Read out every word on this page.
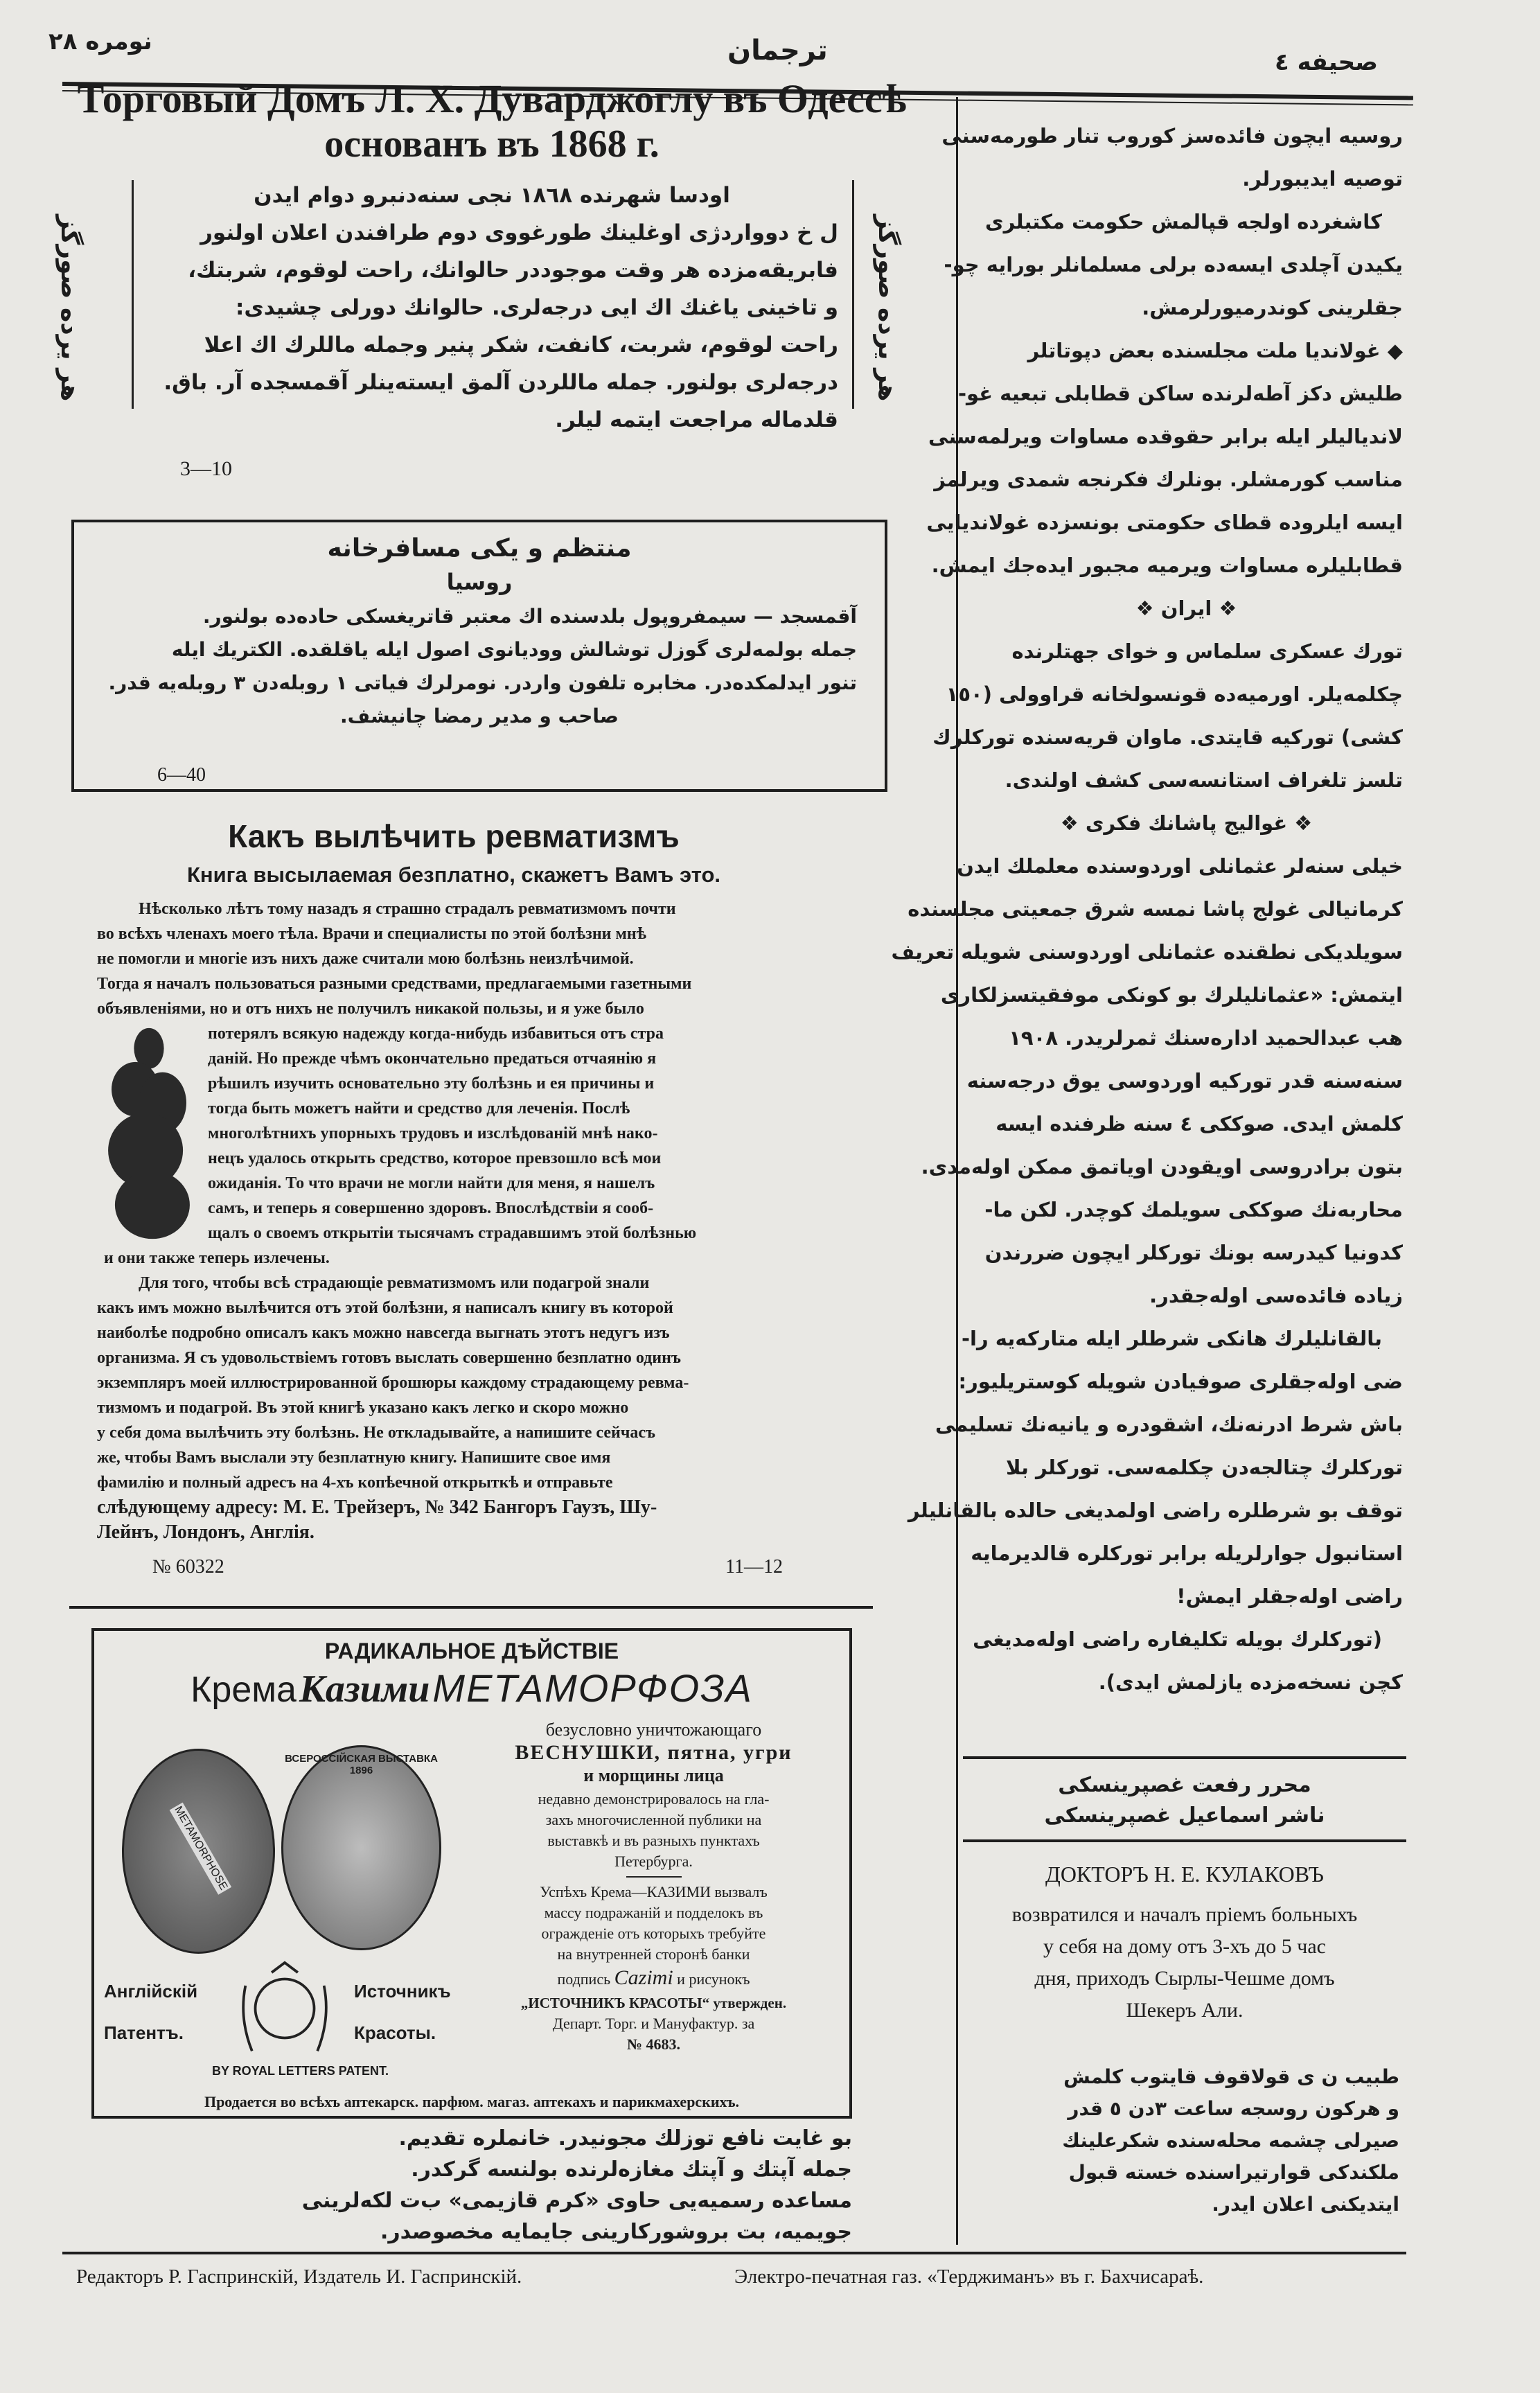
نومره ٢٨	ترجمان	صحيفه ٤
Торговый Домъ Л. Х. Дуварджоглу въ Одессѣ
основанъ въ 1868 г.
هر یرده صورگز
اودسا شهرنده ١٨٦٨ نجی سنه‌دنبرو دوام ایدن
ل خ دوواردژی اوغلینك طورغووی دوم طرافندن اعلان اولنور
فابریقه‌مزده هر وقت موجوددر حالوانك، راحت لوقوم، شربتك،
و تاخینی یاغنك اك ایی درجه‌لری. حالوانك دورلی چشیدی:
راحت لوقوم، شربت، کانفت، شکر پنیر وجمله ماللرك اك اعلا
درجه‌لری بولنور. جمله ماللردن آلمق ایسته‌ینلر آقمسجده آر. باق.
قلدماله مراجعت ایتمه لیلر.
هر یرده صورگز
3—10
منتظم و یکی مسافرخانه
روسیا
آقمسجد — سیمفروپول بلدسنده اك معتبر قاتریغسکی حاده‌ده بولنور.
جمله بولمه‌لری گوزل توشالش وودیانوی اصول ایله یاقلقده. الکتریك ایله
تنور ایدلمکده‌در. مخابره تلفون واردر. نومرلرك فیاتی ١ روبله‌دن ٣ روبله‌یه قدر.
صاحب و مدیر رمضا چانیشف.
6—40
Какъ вылѣчить ревматизмъ
Книга высылаемая безплатно, скажетъ Вамъ это.
Нѣсколько лѣтъ тому назадъ я страшно страдалъ ревматизмомъ почти
во всѣхъ членахъ моего тѣла. Врачи и специалисты по этой болѣзни мнѣ
не помогли и многіе изъ нихъ даже считали мою болѣзнь неизлѣчимой.
Тогда я началъ пользоваться разными средствами, предлагаемыми газетными
объявленіями, но и отъ нихъ не получилъ никакой пользы, и я уже было
потерялъ всякую надежду когда-нибудь избавиться отъ стра
даній. Но прежде чѣмъ окончательно предаться отчаянію я
рѣшилъ изучить основательно эту болѣзнь и ея причины и
тогда быть можетъ найти и средство для леченія. Послѣ
многолѣтнихъ упорныхъ трудовъ и изслѣдованій мнѣ нако-
нецъ удалось открыть средство, которое превзошло всѣ мои
ожиданія. То что врачи не могли найти для меня, я нашелъ
самъ, и теперь я совершенно здоровъ. Впослѣдствіи я сооб-
щалъ о своемъ открытіи тысячамъ страдавшимъ этой болѣзнью
и они также теперь излечены.
Для того, чтобы всѣ страдающіе ревматизмомъ или подагрой знали
какъ имъ можно вылѣчится отъ этой болѣзни, я написалъ книгу въ которой
наиболѣе подробно описалъ какъ можно навсегда выгнать этотъ недугъ изъ
организма. Я съ удовольствіемъ готовъ выслать совершенно безплатно одинъ
экземпляръ моей иллюстрированной брошюры каждому страдающему ревма-
тизмомъ и подагрой. Въ этой книгѣ указано какъ легко и скоро можно
у себя дома вылѣчить эту болѣзнь. Не откладывайте, а напишите сейчасъ
же, чтобы Вамъ выслали эту безплатную книгу. Напишите свое имя
фамилію и полный адресъ на 4-хъ копѣечной открыткѣ и отправьте
слѣдующему адресу: М. Е. Трейзеръ, № 342 Бангоръ Гаузъ, Шу-
Лейнъ, Лондонъ, Англія.
№ 60322	11—12
РАДИКАЛЬНОЕ ДѢЙСТВІЕ
Крема Казими МЕТАМОРФОЗА
METAMORPHOSE
ВСЕРОССІЙСКАЯ ВЫСТАВКА 1896
Англійскій
Патентъ.
Источникъ
Красоты.
BY ROYAL LETTERS PATENT.
безусловно уничтожающаго
ВЕСНУШКИ, пятна, угри
и морщины лица
недавно демонстрировалось на гла-
захъ многочисленной публики на
выставкѣ и въ разныхъ пунктахъ
Петербурга.
Успѣхъ Крема—КАЗИМИ вызвалъ
массу подражаній и подделокъ въ
огражденіе отъ которыхъ требуйте
на внутренней сторонѣ банки
подпись Cazimi и рисунокъ
„ИСТОЧНИКЪ КРАСОТЫ“ утвержден.
Департ. Торг. и Мануфактур. за
№ 4683.
Продается во всѣхъ аптекарск. парфюм. магаз. аптекахъ и парикмахерскихъ.
بو غایت نافع توزلك مجونیدر. خانملره تقدیم.
جمله آپتك و آپتك مغازه‌لرنده بولنسه گرکدر.
مساعده رسمیه‌یی حاوی «کرم قازیمی» ب‌ت‌ لکه‌لرینی
جویمیه، بت بروشورکارینی جایمایه مخصوصدر.
روسیه ایچون فائده‌سز کوروب تنار طورمه‌سنی
توصیه ایدیبورلر.
کاشغرده اولجه قپالمش حکومت مکتبلری
یکیدن آچلدی ایسه‌ده برلی مسلمانلر بورایه چو-
جقلرینی کوندرمیورلرمش.
◆ غولاندیا ملت مجلسنده بعض دپوتاتلر
طلیش دکز آطه‌لرنده ساکن قطابلی تبعیه غو-
لاندیالیلر ایله برابر حقوقده مساوات ویرلمه‌سنی
مناسب کورمشلر. بونلرك فکرنجه شمدی ویرلمز
ایسه ایلروده قطای حکومتی بونسزده غولاندیایی
قطابلیلره مساوات ویرمیه مجبور ایده‌جك ایمش.
❖ ایران ❖
تورك عسکری سلماس و خوای جهتلرنده
چکلمه‌یلر. اورمیه‌ده قونسولخانه قراوولی (١٥٠
کشی) تورکیه قایتدی. ماوان قریه‌سنده تورکلرك
تلسز تلغراف استانسه‌سی کشف اولندی.
❖ غوالیج پاشانك فکری ❖
خیلی سنه‌لر عثمانلی اوردوسنده معلملك ایدن
کرمانیالی غولج پاشا نمسه شرق جمعیتی مجلسنده
سویلدیکی نطقنده عثمانلی اوردوسنی شویله تعریف
ایتمش: «عثمانلیلرك بو کونکی موفقیتسزلکاری
هب عبدالحمید اداره‌سنك ثمرلریدر. ١٩٠٨
سنه‌سنه قدر تورکیه اوردوسی یوق درجه‌سنه
کلمش ایدی. صوککی ٤ سنه ظرفنده ایسه
بتون برادروسی اویقودن اویاتمق ممکن اوله‌مدی.
محاربه‌نك صوککی سویلمك کوچدر. لکن ما-
کدونیا کیدرسه بونك تورکلر ایچون ضررندن
زیاده فائده‌سی اوله‌جقدر.
بالقانلیلرك هانکی شرطلر ایله متارکه‌یه را-
ضی اوله‌جقلری صوفیادن شویله کوستریلیور:
باش شرط ادرنه‌نك، اشقودره و یانیه‌نك تسلیمی
تورکلرك چتالجه‌دن چکلمه‌سی. تورکلر بلا
توقف بو شرطلره راضی اولمدیغی حالده بالقانلیلر
استانبول جوارلریله برابر تورکلره قالدیرمایه
راضی اوله‌جقلر ایمش!
(تورکلرك بویله تکلیفاره راضی اوله‌مدیغی
کچن نسخه‌مزده یازلمش ایدی).
محرر رفعت غصپرینسکی
ناشر اسماعیل غصپرینسکی
ДОКТОРЪ Н. Е. КУЛАКОВЪ
возвратился и началъ пріемъ больныхъ
у себя на дому отъ 3-хъ до 5 час
дня, приходъ Сырлы-Чешме домъ
Шекеръ Али.
طبیب ن ی قولاقوف قایتوب کلمش
و هرکون روسجه ساعت ٣دن ٥ قدر
صیرلی چشمه محله‌سنده شکرعلینك
ملکندکی قوارتیراسنده خسته قبول
ایتدیکنی اعلان ایدر.
Редакторъ Р. Гаспринскій, Издатель И. Гаспринскій.	Электро-печатная газ. «Терджиманъ» въ г. Бахчисараѣ.
